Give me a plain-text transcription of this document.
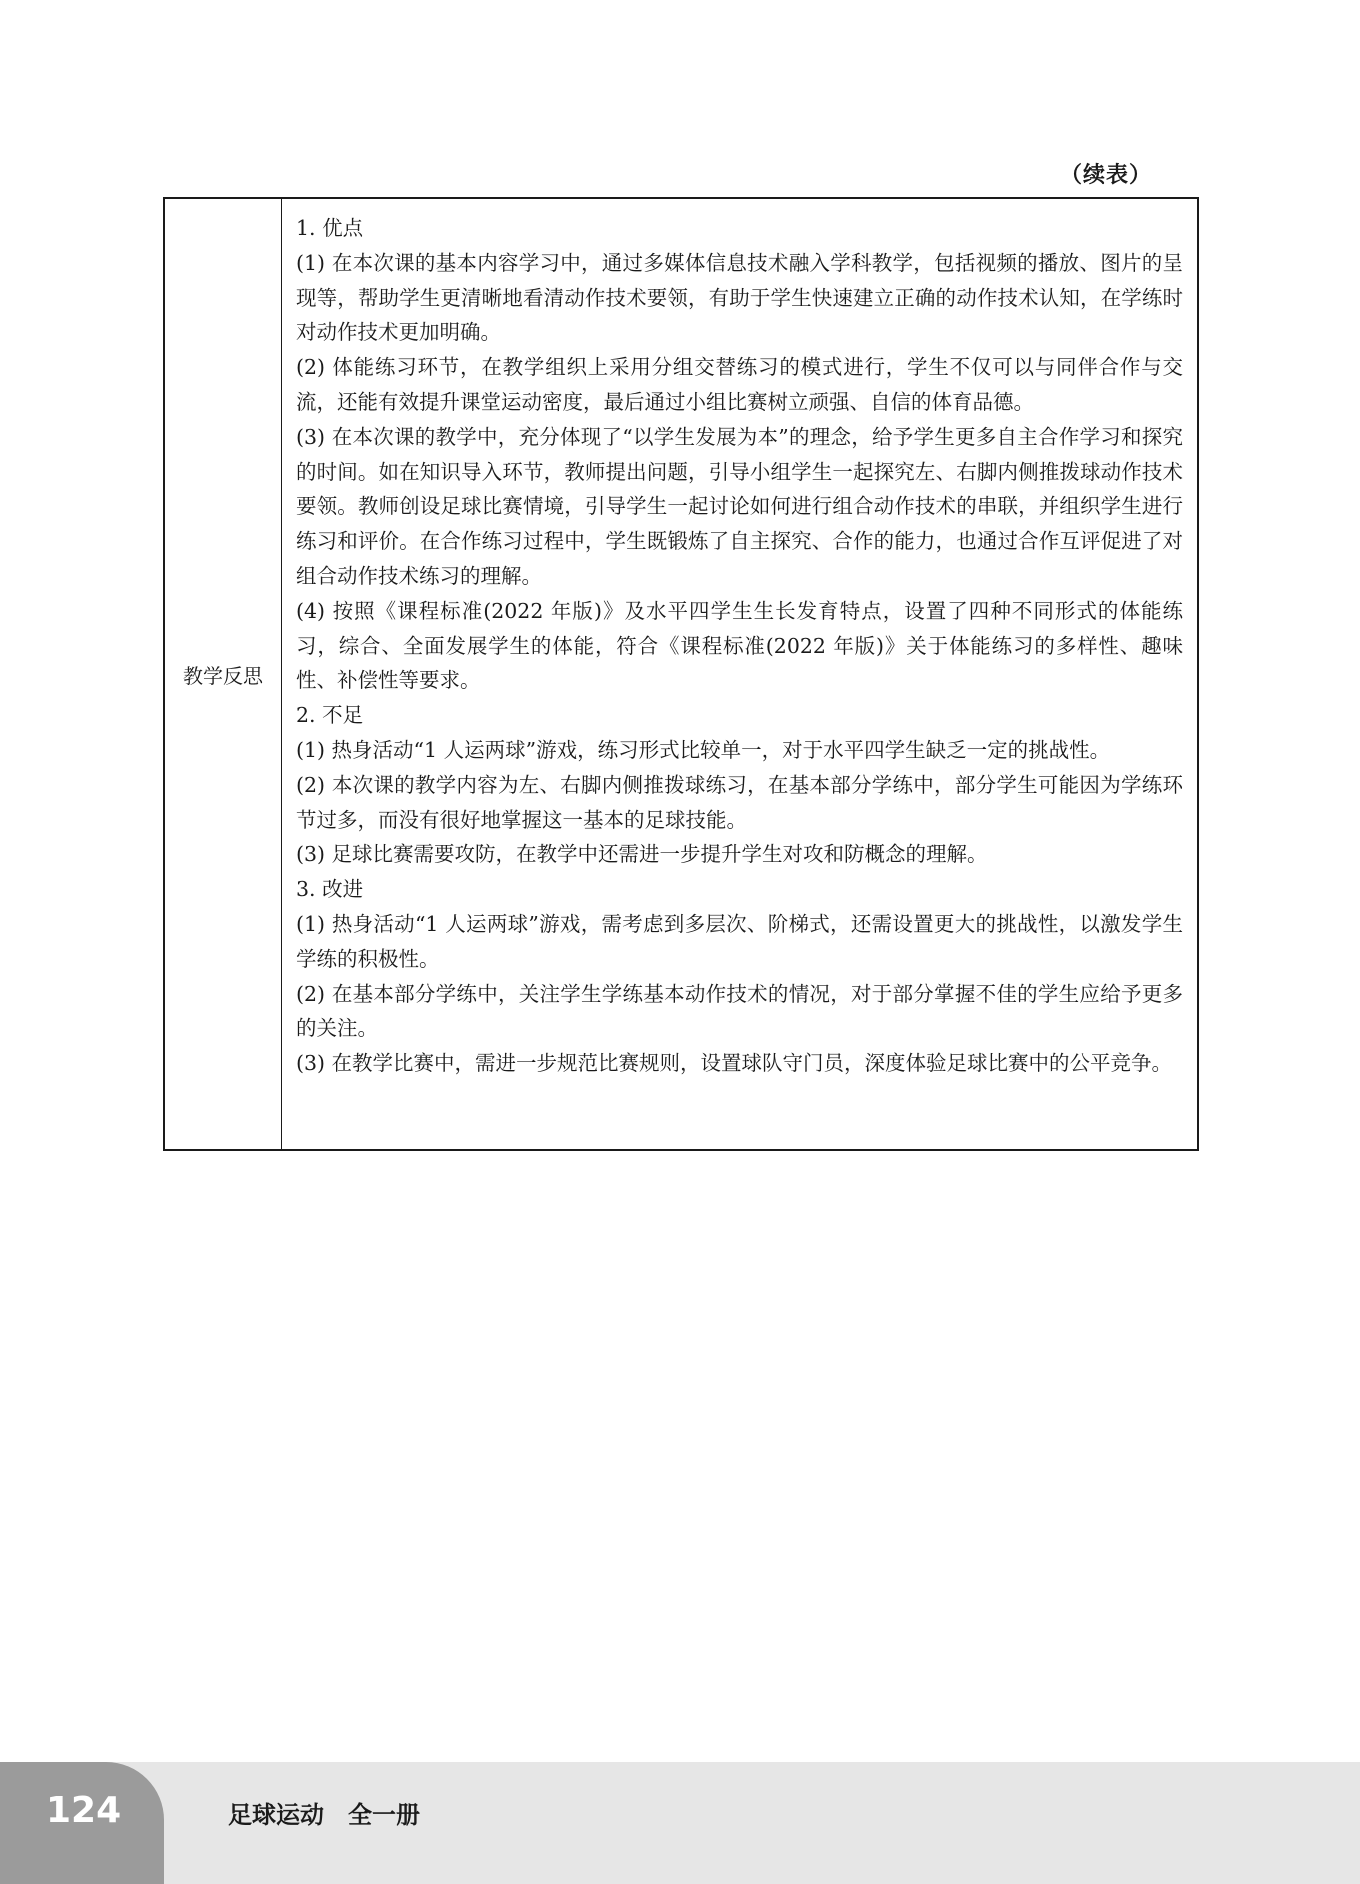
（续表）
教学反思

1. 优点

(1) 在本次课的基本内容学习中，通过多媒体信息技术融入学科教学，包括视频的播放、图片的呈现等，帮助学生更清晰地看清动作技术要领，有助于学生快速建立正确的动作技术认知，在学练时对动作技术更加明确。

(2) 体能练习环节，在教学组织上采用分组交替练习的模式进行，学生不仅可以与同伴合作与交流，还能有效提升课堂运动密度，最后通过小组比赛树立顽强、自信的体育品德。

(3) 在本次课的教学中，充分体现了“以学生发展为本”的理念，给予学生更多自主合作学习和探究的时间。如在知识导入环节，教师提出问题，引导小组学生一起探究左、右脚内侧推拨球动作技术要领。教师创设足球比赛情境，引导学生一起讨论如何进行组合动作技术的串联，并组织学生进行练习和评价。在合作练习过程中，学生既锻炼了自主探究、合作的能力，也通过合作互评促进了对组合动作技术练习的理解。

(4) 按照《课程标准(2022 年版)》及水平四学生生长发育特点，设置了四种不同形式的体能练习，综合、全面发展学生的体能，符合《课程标准(2022 年版)》关于体能练习的多样性、趣味性、补偿性等要求。

2. 不足

(1) 热身活动“1 人运两球”游戏，练习形式比较单一，对于水平四学生缺乏一定的挑战性。

(2) 本次课的教学内容为左、右脚内侧推拨球练习，在基本部分学练中，部分学生可能因为学练环节过多，而没有很好地掌握这一基本的足球技能。

(3) 足球比赛需要攻防，在教学中还需进一步提升学生对攻和防概念的理解。

3. 改进

(1) 热身活动“1 人运两球”游戏，需考虑到多层次、阶梯式，还需设置更大的挑战性，以激发学生学练的积极性。

(2) 在基本部分学练中，关注学生学练基本动作技术的情况，对于部分掌握不佳的学生应给予更多的关注。

(3) 在教学比赛中，需进一步规范比赛规则，设置球队守门员，深度体验足球比赛中的公平竞争。

124	足球运动　全一册
